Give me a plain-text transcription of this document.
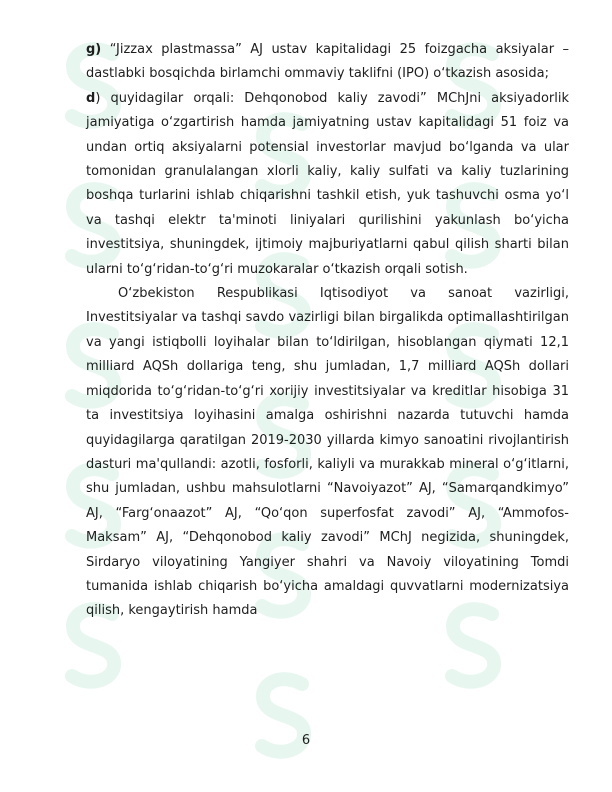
g) “Jizzax plastmassa” AJ ustav kapitalidagi 25 foizgacha aksiyalar – dastlabki bosqichda birlamchi ommaviy taklifni (IPO) o‘tkazish asosida;

d) quyidagilar orqali: Dehqonobod kaliy zavodi” MChJni aksiyadorlik jamiyatiga o‘zgartirish hamda jamiyatning ustav kapitalidagi 51 foiz va undan ortiq aksiyalarni potensial investorlar mavjud bo‘lganda va ular tomonidan granulalangan xlorli kaliy, kaliy sulfati va kaliy tuzlarining boshqa turlarini ishlab chiqarishni tashkil etish, yuk tashuvchi osma yo‘l va tashqi elektr ta'minoti liniyalari qurilishini yakunlash bo‘yicha investitsiya, shuningdek, ijtimoiy majburiyatlarni qabul qilish sharti bilan ularni to‘g‘ridan-to‘g‘ri muzokaralar o‘tkazish orqali sotish.

O‘zbekiston Respublikasi Iqtisodiyot va sanoat vazirligi, Investitsiyalar va tashqi savdo vazirligi bilan birgalikda optimallashtirilgan va yangi istiqbolli loyihalar bilan to‘ldirilgan, hisoblangan qiymati 12,1 milliard AQSh dollariga teng, shu jumladan, 1,7 milliard AQSh dollari miqdorida to‘g‘ridan-to‘g‘ri xorijiy investitsiyalar va kreditlar hisobiga 31 ta investitsiya loyihasini amalga oshirishni nazarda tutuvchi hamda quyidagilarga qaratilgan 2019-2030 yillarda kimyo sanoatini rivojlantirish dasturi ma'qullandi: azotli, fosforli, kaliyli va murakkab mineral o‘g‘itlarni, shu jumladan, ushbu mahsulotlarni “Navoiyazot” AJ, “Samarqandkimyo” AJ, “Farg‘onaazot” AJ, “Qo‘qon superfosfat zavodi” AJ, “Ammofos-Maksam” AJ, “Dehqonobod kaliy zavodi” MChJ negizida, shuningdek, Sirdaryo viloyatining Yangiyer shahri va Navoiy viloyatining Tomdi tumanida ishlab chiqarish bo‘yicha amaldagi quvvatlarni modernizatsiya qilish, kengaytirish hamda

6
